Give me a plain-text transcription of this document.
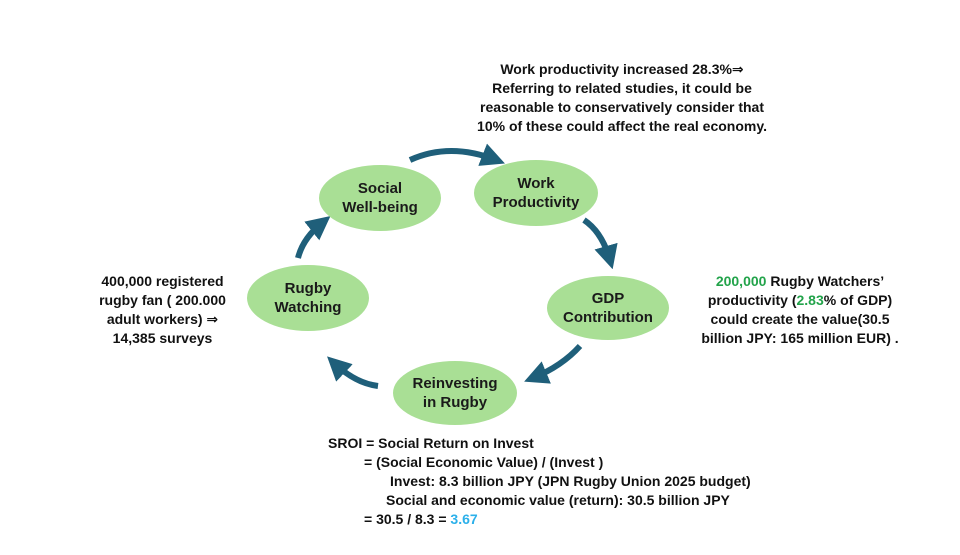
Social
Well-being
Work
Productivity
GDP
Contribution
Reinvesting
in Rugby
Rugby
Watching
Work productivity increased 28.3%⇒
Referring to related studies, it could be
reasonable to conservatively consider that
10% of these could affect the real economy.
400,000 registered
rugby fan ( 200.000
adult workers) ⇒
14,385 surveys
200,000 Rugby Watchers’
productivity (2.83% of GDP)
could create the value(30.5
billion JPY: 165 million EUR) .
SROI = Social Return on Invest
= (Social Economic Value) / (Invest )
Invest: 8.3 billion JPY (JPN Rugby Union 2025 budget)
Social and economic value (return): 30.5 billion JPY
= 30.5 / 8.3 = 3.67
